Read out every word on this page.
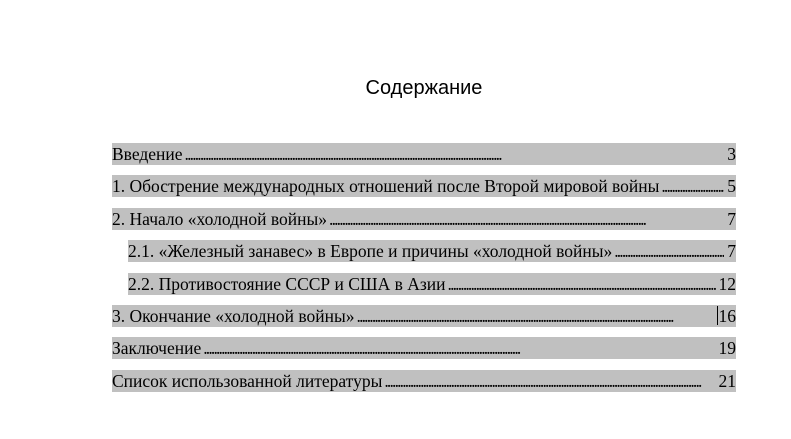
Содержание
Введение . . .	3
1. Обострение международных отношений после Второй мировой войны . . .	5
2. Начало «холодной войны» . . .	7
2.1. «Железный занавес» в Европе и причины «холодной войны» . . .	7
2.2. Противостояние СССР и США в Азии . . .	12
3. Окончание «холодной войны» . . .	16
Заключение . . .	19
Список использованной литературы . . .	21
